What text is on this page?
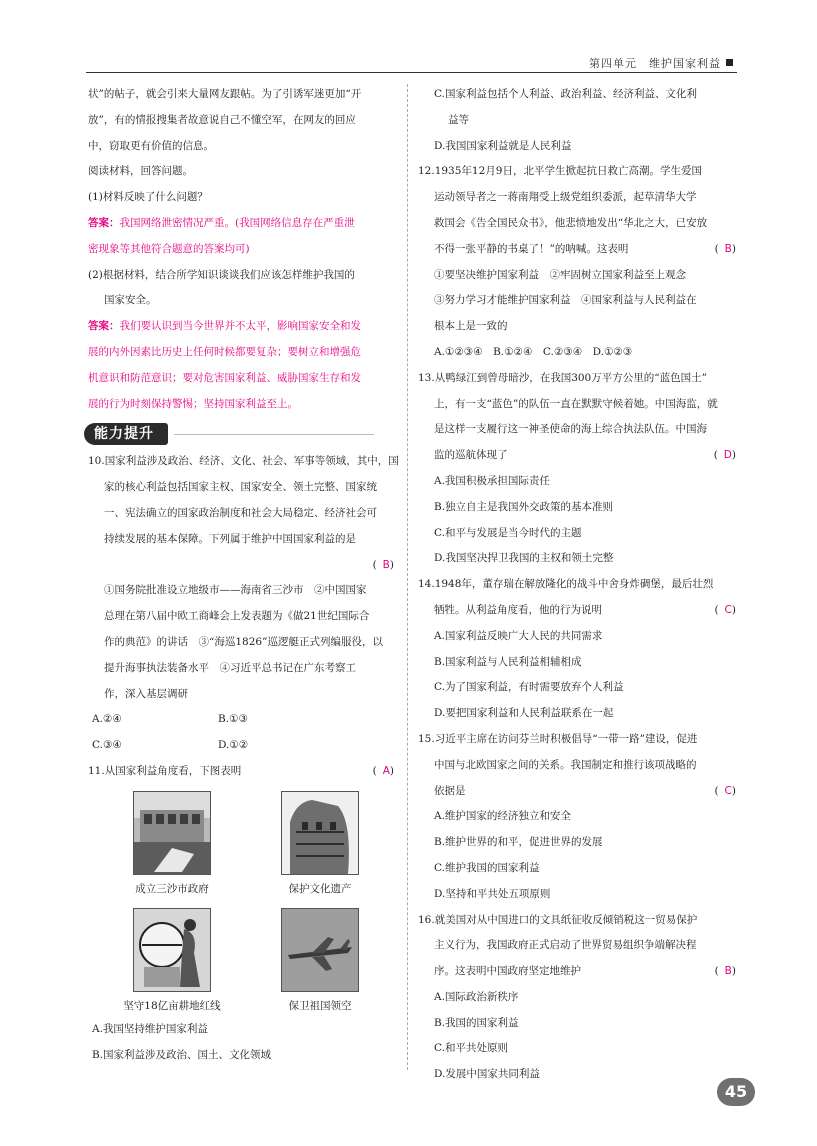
第四单元　维护国家利益

状”的帖子，就会引来大量网友跟帖。为了引诱军迷更加“开

放”，有的情报搜集者故意说自己不懂空军，在网友的回应

中，窃取更有价值的信息。

阅读材料，回答问题。

(1)材料反映了什么问题？

答案：我国网络泄密情况严重。(我国网络信息存在严重泄

密现象等其他符合题意的答案均可)

(2)根据材料，结合所学知识谈谈我们应该怎样维护我国的

国家安全。

答案：我们要认识到当今世界并不太平，影响国家安全和发

展的内外因素比历史上任何时候都要复杂；要树立和增强危

机意识和防范意识；要对危害国家利益、威胁国家生存和发

展的行为时刻保持警惕；坚持国家利益至上。

能力提升

10.国家利益涉及政治、经济、文化、社会、军事等领域，其中，国

家的核心利益包括国家主权、国家安全、领土完整、国家统

一、宪法确立的国家政治制度和社会大局稳定、经济社会可

持续发展的基本保障。下列属于维护中国国家利益的是

(B)

①国务院批准设立地级市——海南省三沙市　②中国国家

总理在第八届中欧工商峰会上发表题为《做21世纪国际合

作的典范》的讲话　③“海巡1826”巡逻艇正式列编服役，以

提升海事执法装备水平　④习近平总书记在广东考察工

作，深入基层调研

A.②④	B.①③

C.③④	D.①②

11.从国家利益角度看，下图表明	(A)

成立三沙市政府	保护文化遗产
坚守18亿亩耕地红线	保卫祖国领空

A.我国坚持维护国家利益

B.国家利益涉及政治、国土、文化领域

C.国家利益包括个人利益、政治利益、经济利益、文化利

益等

D.我国国家利益就是人民利益

12.1935年12月9日，北平学生掀起抗日救亡高潮。学生爱国

运动领导者之一蒋南翔受上级党组织委派，起草清华大学

救国会《告全国民众书》，他悲愤地发出“华北之大，已安放

不得一张平静的书桌了！”的呐喊。这表明	(B)

①要坚决维护国家利益　②牢固树立国家利益至上观念

③努力学习才能维护国家利益　④国家利益与人民利益在

根本上是一致的

A.①②③④　B.①②④　C.②③④　D.①②③

13.从鸭绿江到曾母暗沙，在我国300万平方公里的“蓝色国土”

上，有一支“蓝色”的队伍一直在默默守候着她。中国海监，就

是这样一支履行这一神圣使命的海上综合执法队伍。中国海

监的巡航体现了	(D)

A.我国积极承担国际责任

B.独立自主是我国外交政策的基本准则

C.和平与发展是当今时代的主题

D.我国坚决捍卫我国的主权和领土完整

14.1948年，董存瑞在解放隆化的战斗中舍身炸碉堡，最后壮烈

牺牲。从利益角度看，他的行为说明	(C)

A.国家利益反映广大人民的共同需求

B.国家利益与人民利益相辅相成

C.为了国家利益，有时需要放弃个人利益

D.要把国家利益和人民利益联系在一起

15.习近平主席在访问芬兰时积极倡导“一带一路”建设，促进

中国与北欧国家之间的关系。我国制定和推行该项战略的

依据是	(C)

A.维护国家的经济独立和安全

B.维护世界的和平，促进世界的发展

C.维护我国的国家利益

D.坚持和平共处五项原则

16.就美国对从中国进口的文具纸征收反倾销税这一贸易保护

主义行为，我国政府正式启动了世界贸易组织争端解决程

序。这表明中国政府坚定地维护	(B)

A.国际政治新秩序

B.我国的国家利益

C.和平共处原则

D.发展中国家共同利益

45
